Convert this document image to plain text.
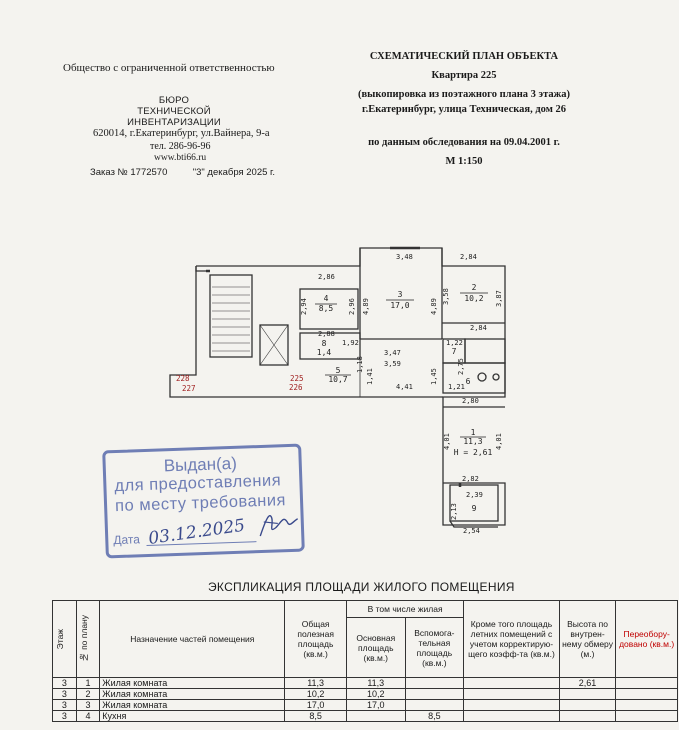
Общество с ограниченной ответственностью
БЮРО
ТЕХНИЧЕСКОЙ ИНВЕНТАРИЗАЦИИ
620014, г.Екатеринбург, ул.Вайнера, 9-а
тел. 286-96-96
www.bti66.ru
Заказ № 1772570	"3" декабря 2025 г.
СХЕМАТИЧЕСКИЙ ПЛАН ОБЪЕКТА
Квартира 225
(выкопировка из поэтажного плана 3 этажа)
г.Екатеринбург, улица Техническая, дом 26
по данным обследования на 09.04.2001 г.
М 1:150
3
17,0
2
10,2
4
8,5
8
1,4
5
10,7
7
6
1
11,3
H = 2,61
9
228
227
225
226
3,48	2,84
2,86
2,94	2,96 4,89	4,89
3,58	3,87
2,84
2,88
1,92
3,47
3,59
1,22
2,75
1,41
4,41
1,45
1,21
2,80
4,01	4,01
2,82
2,39
2,13
2,54
1,18
Выдан(а)
для предоставления
по месту требования
Дата 03.12.2025
ЭКСПЛИКАЦИЯ ПЛОЩАДИ ЖИЛОГО ПОМЕЩЕНИЯ
Этаж	№ по плану	Назначение частей помещения	Общая полезная площадь (кв.м.)	В том числе жилая		Кроме того площадь летних помещений с учетом корректирую-щего коэфф-та (кв.м.)	Высота по внутрен-нему обмеру (м.)	Переобору-довано (кв.м.)
				Основная площадь (кв.м.)	Вспомога-тельная площадь (кв.м.)			
3	1	Жилая комната	11,3	11,3			2,61	
3	2	Жилая комната	10,2	10,2				
3	3	Жилая комната	17,0	17,0				
3	4	Кухня	8,5		8,5			
